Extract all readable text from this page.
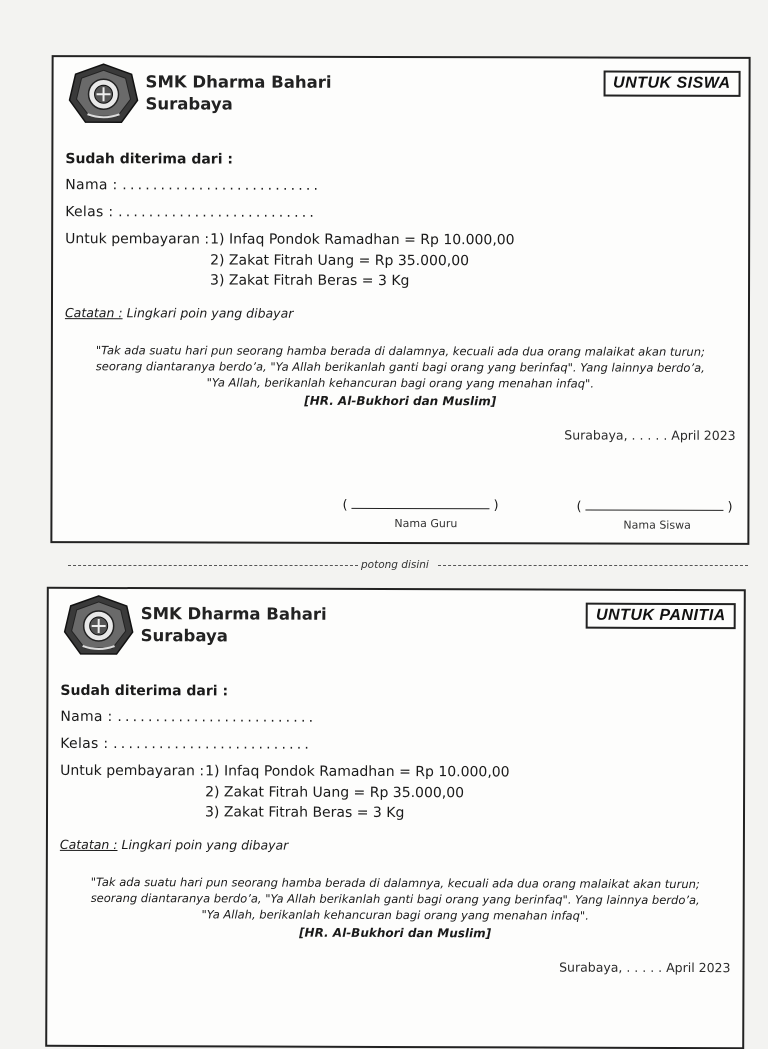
SMK Dharma Bahari
Surabaya
UNTUK SISWA
Sudah diterima dari :
Nama : ..........................
Kelas : ..........................
Untuk pembayaran : 1) Infaq Pondok Ramadhan = Rp 10.000,00
2) Zakat Fitrah Uang = Rp 35.000,00
3) Zakat Fitrah Beras = 3 Kg
Catatan : Lingkari poin yang dibayar
"Tak ada suatu hari pun seorang hamba berada di dalamnya, kecuali ada dua orang malaikat akan turun;
seorang diantaranya berdo’a, "Ya Allah berikanlah ganti bagi orang yang berinfaq". Yang lainnya berdo’a,
"Ya Allah, berikanlah kehancuran bagi orang yang menahan infaq".
[HR. Al-Bukhori dan Muslim]
Surabaya, . . . . . April 2023
(	)
Nama Guru
(	)
Nama Siswa
potong disini
SMK Dharma Bahari
Surabaya
UNTUK PANITIA
Sudah diterima dari :
Nama : ..........................
Kelas : ..........................
Untuk pembayaran : 1) Infaq Pondok Ramadhan = Rp 10.000,00
2) Zakat Fitrah Uang = Rp 35.000,00
3) Zakat Fitrah Beras = 3 Kg
Catatan : Lingkari poin yang dibayar
"Tak ada suatu hari pun seorang hamba berada di dalamnya, kecuali ada dua orang malaikat akan turun;
seorang diantaranya berdo’a, "Ya Allah berikanlah ganti bagi orang yang berinfaq". Yang lainnya berdo’a,
"Ya Allah, berikanlah kehancuran bagi orang yang menahan infaq".
[HR. Al-Bukhori dan Muslim]
Surabaya, . . . . . April 2023
